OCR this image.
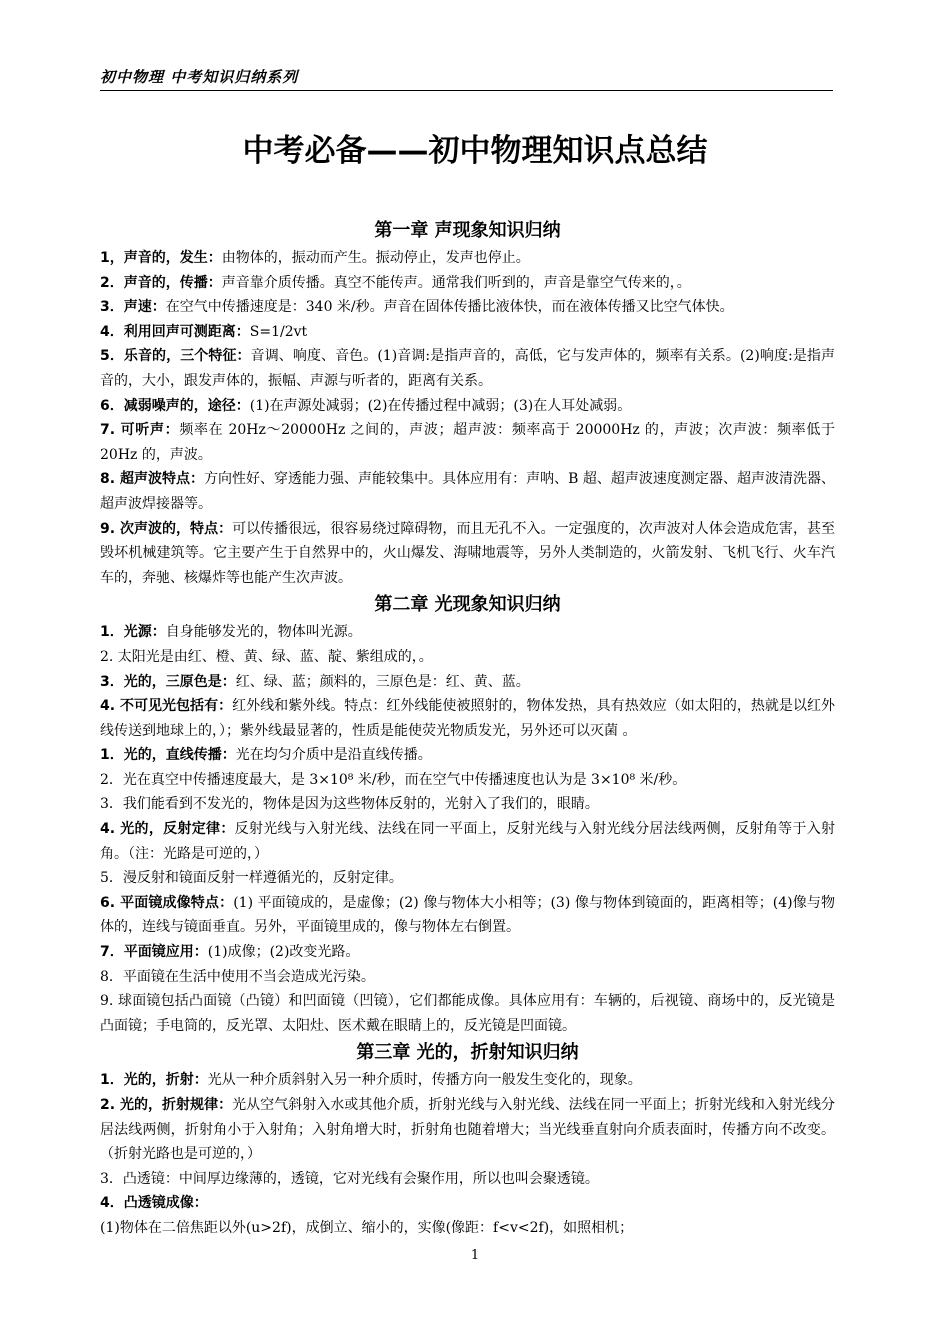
初中物理 中考知识归纳系列
中考必备——初中物理知识点总结
第一章 声现象知识归纳

1，声音的，发生：由物体的，振动而产生。振动停止，发声也停止。

2．声音的，传播：声音靠介质传播。真空不能传声。通常我们听到的，声音是靠空气传来的，。

3．声速：在空气中传播速度是：340 米/秒。声音在固体传播比液体快，而在液体传播又比空气体快。

4．利用回声可测距离：S=1/2vt

5．乐音的，三个特征：音调、响度、音色。(1)音调:是指声音的，高低，它与发声体的，频率有关系。(2)响度:是指声音的，大小，跟发声体的，振幅、声源与听者的，距离有关系。

6．减弱噪声的，途径：(1)在声源处减弱；(2)在传播过程中减弱；(3)在人耳处减弱。

7. 可听声：频率在 20Hz～20000Hz 之间的，声波；超声波：频率高于 20000Hz 的，声波；次声波：频率低于 20Hz 的，声波。

8. 超声波特点：方向性好、穿透能力强、声能较集中。具体应用有：声呐、B 超、超声波速度测定器、超声波清洗器、超声波焊接器等。

9. 次声波的，特点：可以传播很远，很容易绕过障碍物，而且无孔不入。一定强度的，次声波对人体会造成危害，甚至毁坏机械建筑等。它主要产生于自然界中的，火山爆发、海啸地震等，另外人类制造的，火箭发射、飞机飞行、火车汽车的，奔驰、核爆炸等也能产生次声波。

第二章 光现象知识归纳

1．光源：自身能够发光的，物体叫光源。

2. 太阳光是由红、橙、黄、绿、蓝、靛、紫组成的，。

3．光的，三原色是：红、绿、蓝；颜料的，三原色是：红、黄、蓝。

4. 不可见光包括有：红外线和紫外线。特点：红外线能使被照射的，物体发热，具有热效应（如太阳的，热就是以红外线传送到地球上的，）；紫外线最显著的，性质是能使荧光物质发光，另外还可以灭菌 。

1．光的，直线传播：光在均匀介质中是沿直线传播。

2．光在真空中传播速度最大，是 3×10⁸ 米/秒，而在空气中传播速度也认为是 3×10⁸ 米/秒。

3．我们能看到不发光的，物体是因为这些物体反射的，光射入了我们的，眼睛。

4. 光的，反射定律：反射光线与入射光线、法线在同一平面上，反射光线与入射光线分居法线两侧，反射角等于入射角。（注：光路是可逆的，）

5．漫反射和镜面反射一样遵循光的，反射定律。

6. 平面镜成像特点：(1) 平面镜成的，是虚像；(2) 像与物体大小相等；(3) 像与物体到镜面的，距离相等；(4)像与物体的，连线与镜面垂直。另外，平面镜里成的，像与物体左右倒置。

7．平面镜应用：(1)成像；(2)改变光路。

8．平面镜在生活中使用不当会造成光污染。

9. 球面镜包括凸面镜（凸镜）和凹面镜（凹镜），它们都能成像。具体应用有：车辆的，后视镜、商场中的，反光镜是凸面镜；手电筒的，反光罩、太阳灶、医术戴在眼睛上的，反光镜是凹面镜。

第三章 光的，折射知识归纳

1．光的，折射：光从一种介质斜射入另一种介质时，传播方向一般发生变化的，现象。

2. 光的，折射规律：光从空气斜射入水或其他介质，折射光线与入射光线、法线在同一平面上；折射光线和入射光线分居法线两侧，折射角小于入射角；入射角增大时，折射角也随着增大；当光线垂直射向介质表面时，传播方向不改变。（折射光路也是可逆的，）

3．凸透镜：中间厚边缘薄的，透镜，它对光线有会聚作用，所以也叫会聚透镜。

4．凸透镜成像：

(1)物体在二倍焦距以外(u>2f)，成倒立、缩小的，实像(像距：f<v<2f)，如照相机；

1
